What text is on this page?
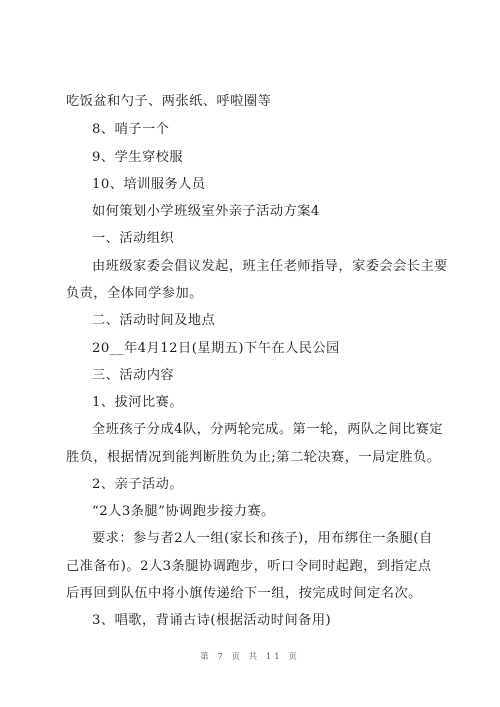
吃饭盆和勺子、两张纸、呼啦圈等
8、哨子一个
9、学生穿校服
10、培训服务人员
如何策划小学班级室外亲子活动方案4
一、活动组织
由班级家委会倡议发起，班主任老师指导，家委会会长主要
负责，全体同学参加。
二、活动时间及地点
20__年4月12日(星期五)下午在人民公园
三、活动内容
1、拔河比赛。
全班孩子分成4队，分两轮完成。第一轮，两队之间比赛定
胜负，根据情况到能判断胜负为止;第二轮决赛，一局定胜负。
2、亲子活动。
“2人3条腿”协调跑步接力赛。
要求：参与者2人一组(家长和孩子)，用布绑住一条腿(自
己准备布)。2人3条腿协调跑步，听口令同时起跑，到指定点
后再回到队伍中将小旗传递给下一组，按完成时间定名次。
3、唱歌，背诵古诗(根据活动时间备用)
第 7 页 共 11 页
